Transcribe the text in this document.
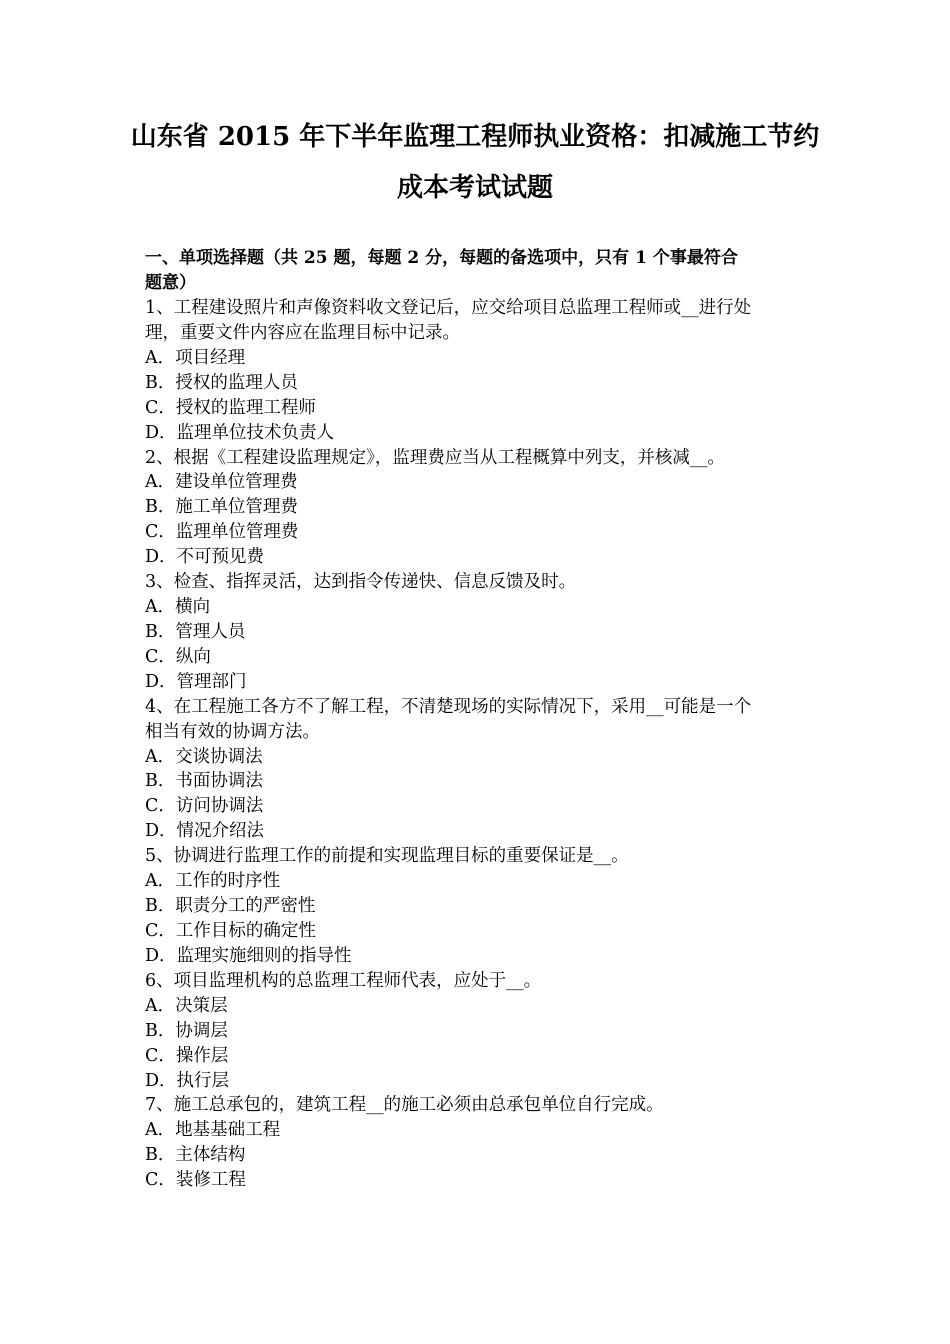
山东省 2015 年下半年监理工程师执业资格：扣减施工节约
成本考试试题
一、单项选择题（共 25 题，每题 2 分，每题的备选项中，只有 1 个事最符合
题意）
1、工程建设照片和声像资料收文登记后，应交给项目总监理工程师或__进行处
理，重要文件内容应在监理目标中记录。
A．项目经理
B．授权的监理人员
C．授权的监理工程师
D．监理单位技术负责人
2、根据《工程建设监理规定》，监理费应当从工程概算中列支，并核减__。
A．建设单位管理费
B．施工单位管理费
C．监理单位管理费
D．不可预见费
3、检查、指挥灵活，达到指令传递快、信息反馈及时。
A．横向
B．管理人员
C．纵向
D．管理部门
4、在工程施工各方不了解工程，不清楚现场的实际情况下，采用__可能是一个
相当有效的协调方法。
A．交谈协调法
B．书面协调法
C．访问协调法
D．情况介绍法
5、协调进行监理工作的前提和实现监理目标的重要保证是__。
A．工作的时序性
B．职责分工的严密性
C．工作目标的确定性
D．监理实施细则的指导性
6、项目监理机构的总监理工程师代表，应处于__。
A．决策层
B．协调层
C．操作层
D．执行层
7、施工总承包的，建筑工程__的施工必须由总承包单位自行完成。
A．地基基础工程
B．主体结构
C．装修工程
